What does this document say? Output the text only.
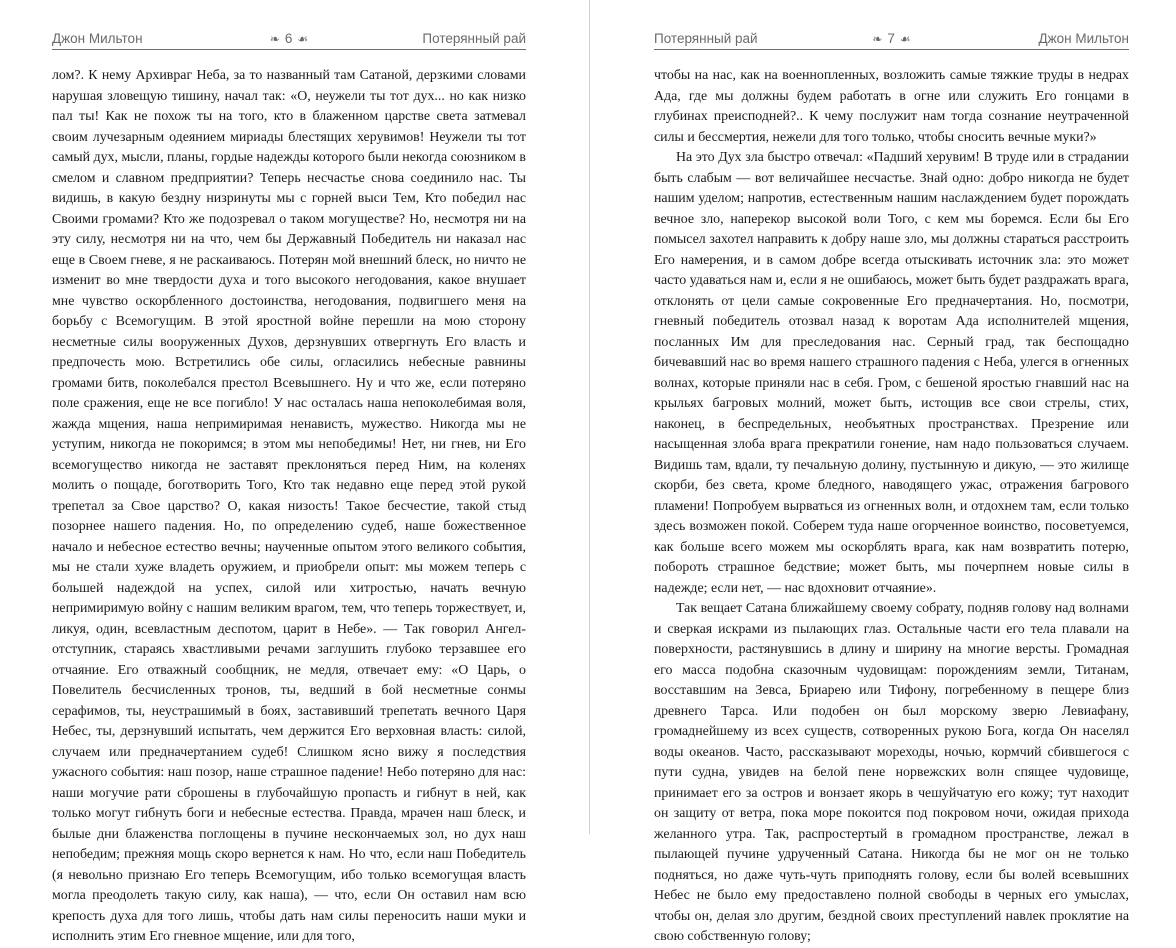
Джон Мильтон	❧ 6 ☙	Потерянный рай

лом?. К нему Архивраг Неба, за то названный там Сатаной, дерзкими словами нарушая зловещую тишину, начал так: «О, неужели ты тот дух... но как низко пал ты! Как не похож ты на того, кто в блаженном царстве света затмевал своим лучезарным одеянием мириады блестящих херувимов! Неужели ты тот самый дух, мысли, планы, гордые надежды которого были некогда союзником в смелом и славном предприятии? Теперь несчастье снова соединило нас. Ты видишь, в какую бездну низринуты мы с горней выси Тем, Кто победил нас Своими громами? Кто же подозревал о таком могуществе? Но, несмотря ни на эту силу, несмотря ни на что, чем бы Державный Победитель ни наказал нас еще в Своем гневе, я не раскаиваюсь. Потерян мой внешний блеск, но ничто не изменит во мне твердости духа и того высокого негодования, какое внушает мне чувство оскорбленного достоинства, негодования, подвигшего меня на борьбу с Всемогущим. В этой яростной войне перешли на мою сторону несметные силы вооруженных Духов, дерзнувших отвергнуть Его власть и предпочесть мою. Встретились обе силы, огласились небесные равнины громами битв, поколебался престол Всевышнего. Ну и что же, если потеряно поле сражения, еще не все погибло! У нас осталась наша непоколебимая воля, жажда мщения, наша непримиримая ненависть, мужество. Никогда мы не уступим, никогда не покоримся; в этом мы непобедимы! Нет, ни гнев, ни Его всемогущество никогда не заставят преклоняться перед Ним, на коленях молить о пощаде, боготворить Того, Кто так недавно еще перед этой рукой трепетал за Свое царство? О, какая низость! Такое бесчестие, такой стыд позорнее нашего падения. Но, по определению судеб, наше божественное начало и небесное естество вечны; наученные опытом этого великого события, мы не стали хуже владеть оружием, и приобрели опыт: мы можем теперь с большей надеждой на успех, силой или хитростью, начать вечную непримиримую войну с нашим великим врагом, тем, что теперь торжествует, и, ликуя, один, всевластным деспотом, царит в Небе». — Так говорил Ангел-отступник, стараясь хвастливыми речами заглушить глубоко терзавшее его отчаяние. Его отважный сообщник, не медля, отвечает ему: «О Царь, о Повелитель бесчисленных тронов, ты, ведший в бой несметные сонмы серафимов, ты, неустрашимый в боях, заставивший трепетать вечного Царя Небес, ты, дерзнувший испытать, чем держится Его верховная власть: силой, случаем или предначертанием судеб! Слишком ясно вижу я последствия ужасного события: наш позор, наше страшное падение! Небо потеряно для нас: наши могучие рати сброшены в глубочайшую пропасть и гибнут в ней, как только могут гибнуть боги и небесные естества. Правда, мрачен наш блеск, и былые дни блаженства поглощены в пучине нескончаемых зол, но дух наш непобедим; прежняя мощь скоро вернется к нам. Но что, если наш Победитель (я невольно признаю Его теперь Всемогущим, ибо только всемогущая власть могла преодолеть такую силу, как наша), — что, если Он оставил нам всю крепость духа для того лишь, чтобы дать нам силы переносить наши муки и исполнить этим Его гневное мщение, или для того,

Потерянный рай	❧ 7 ☙	Джон Мильтон

чтобы на нас, как на военнопленных, возложить самые тяжкие труды в недрах Ада, где мы должны будем работать в огне или служить Его гонцами в глубинах преисподней?.. К чему послужит нам тогда сознание неутраченной силы и бессмертия, нежели для того только, чтобы сносить вечные муки?»

На это Дух зла быстро отвечал: «Падший херувим! В труде или в страдании быть слабым — вот величайшее несчастье. Знай одно: добро никогда не будет нашим уделом; напротив, естественным нашим наслаждением будет порождать вечное зло, наперекор высокой воли Того, с кем мы боремся. Если бы Его помысел захотел направить к добру наше зло, мы должны стараться расстроить Его намерения, и в самом добре всегда отыскивать источник зла: это может часто удаваться нам и, если я не ошибаюсь, может быть будет раздражать врага, отклонять от цели самые сокровенные Его предначертания. Но, посмотри, гневный победитель отозвал назад к воротам Ада исполнителей мщения, посланных Им для преследования нас. Серный град, так беспощадно бичевавший нас во время нашего страшного падения с Неба, улегся в огненных волнах, которые приняли нас в себя. Гром, с бешеной яростью гнавший нас на крыльях багровых молний, может быть, истощив все свои стрелы, стих, наконец, в беспредельных, необъятных пространствах. Презрение или насыщенная злоба врага прекратили гонение, нам надо пользоваться случаем. Видишь там, вдали, ту печальную долину, пустынную и дикую, — это жилище скорби, без света, кроме бледного, наводящего ужас, отражения багрового пламени! Попробуем вырваться из огненных волн, и отдохнем там, если только здесь возможен покой. Соберем туда наше огорченное воинство, посоветуемся, как больше всего можем мы оскорблять врага, как нам возвратить потерю, побороть страшное бедствие; может быть, мы почерпнем новые силы в надежде; если нет, — нас вдохновит отчаяние».

Так вещает Сатана ближайшему своему собрату, подняв голову над волнами и сверкая искрами из пылающих глаз. Остальные части его тела плавали на поверхности, растянувшись в длину и ширину на многие версты. Громадная его масса подобна сказочным чудовищам: порождениям земли, Титанам, восставшим на Зевса, Бриарею или Тифону, погребенному в пещере близ древнего Тарса. Или подобен он был морскому зверю Левиафану, громаднейшему из всех существ, сотворенных рукою Бога, когда Он населял воды океанов. Часто, рассказывают мореходы, ночью, кормчий сбившегося с пути судна, увидев на белой пене норвежских волн спящее чудовище, принимает его за остров и вонзает якорь в чешуйчатую его кожу; тут находит он защиту от ветра, пока море покоится под покровом ночи, ожидая прихода желанного утра. Так, распростертый в громадном пространстве, лежал в пылающей пучине удрученный Сатана. Никогда бы не мог он не только подняться, но даже чуть-чуть приподнять голову, если бы волей всевышних Небес не было ему предоставлено полной свободы в черных его умыслах, чтобы он, делая зло другим, бездной своих преступлений навлек проклятие на свою собственную голову;
